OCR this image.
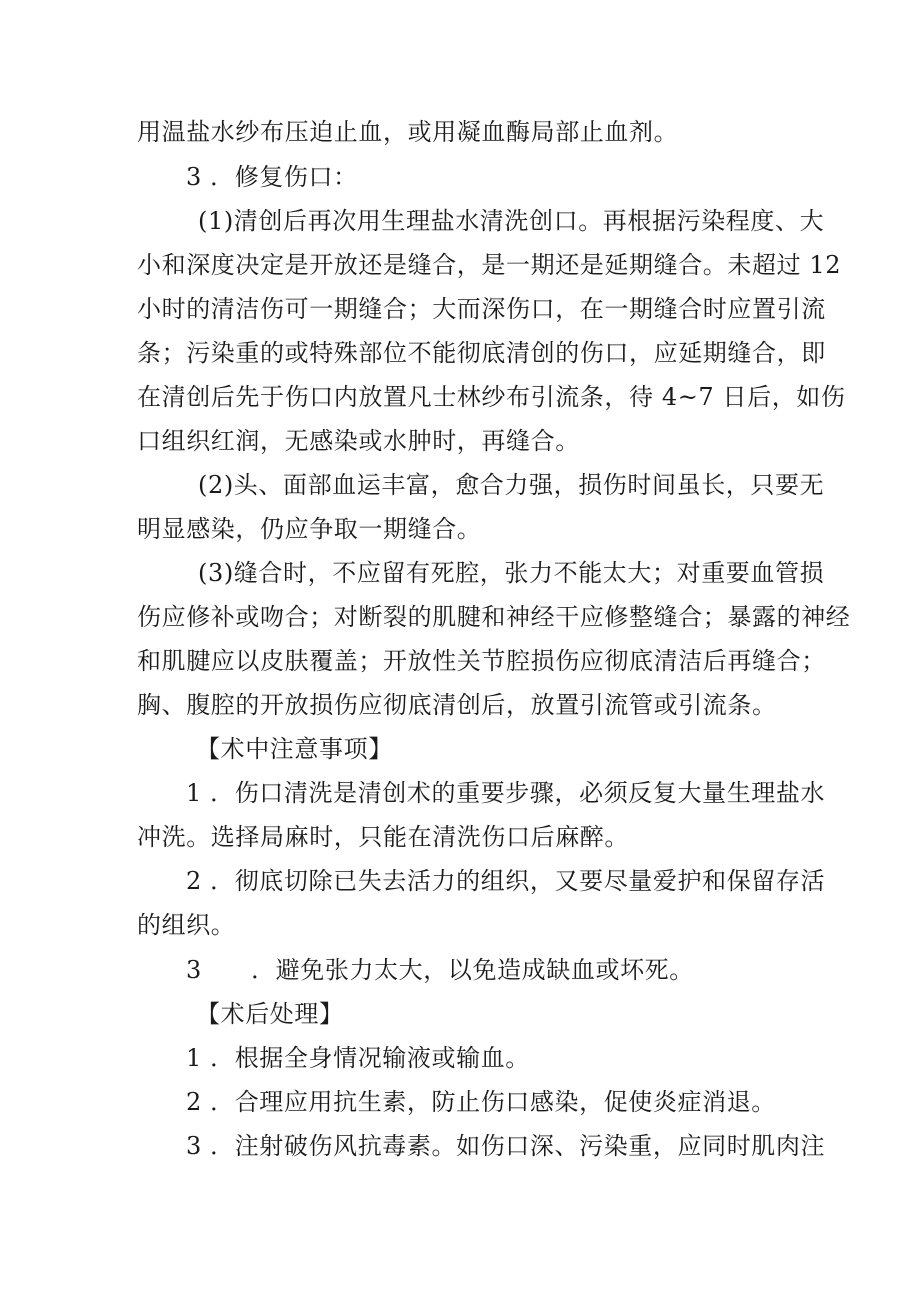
用温盐水纱布压迫止血，或用凝血酶局部止血剂。
3 ．修复伤口：
(1)清创后再次用生理盐水清洗创口。再根据污染程度、大
小和深度决定是开放还是缝合，是一期还是延期缝合。未超过 12
小时的清洁伤可一期缝合；大而深伤口，在一期缝合时应置引流
条；污染重的或特殊部位不能彻底清创的伤口，应延期缝合，即
在清创后先于伤口内放置凡士林纱布引流条，待 4~7 日后，如伤
口组织红润，无感染或水肿时，再缝合。
(2)头、面部血运丰富，愈合力强，损伤时间虽长，只要无
明显感染，仍应争取一期缝合。
(3)缝合时，不应留有死腔，张力不能太大；对重要血管损
伤应修补或吻合；对断裂的肌腱和神经干应修整缝合；暴露的神经
和肌腱应以皮肤覆盖；开放性关节腔损伤应彻底清洁后再缝合；
胸、腹腔的开放损伤应彻底清创后，放置引流管或引流条。
【术中注意事项】
1 ．伤口清洗是清创术的重要步骤，必须反复大量生理盐水
冲洗。选择局麻时，只能在清洗伤口后麻醉。
2 ．彻底切除已失去活力的组织，又要尽量爱护和保留存活
的组织。
3　　．避免张力太大，以免造成缺血或坏死。
【术后处理】
1 ．根据全身情况输液或输血。
2 ．合理应用抗生素，防止伤口感染，促使炎症消退。
3 ．注射破伤风抗毒素。如伤口深、污染重，应同时肌肉注
